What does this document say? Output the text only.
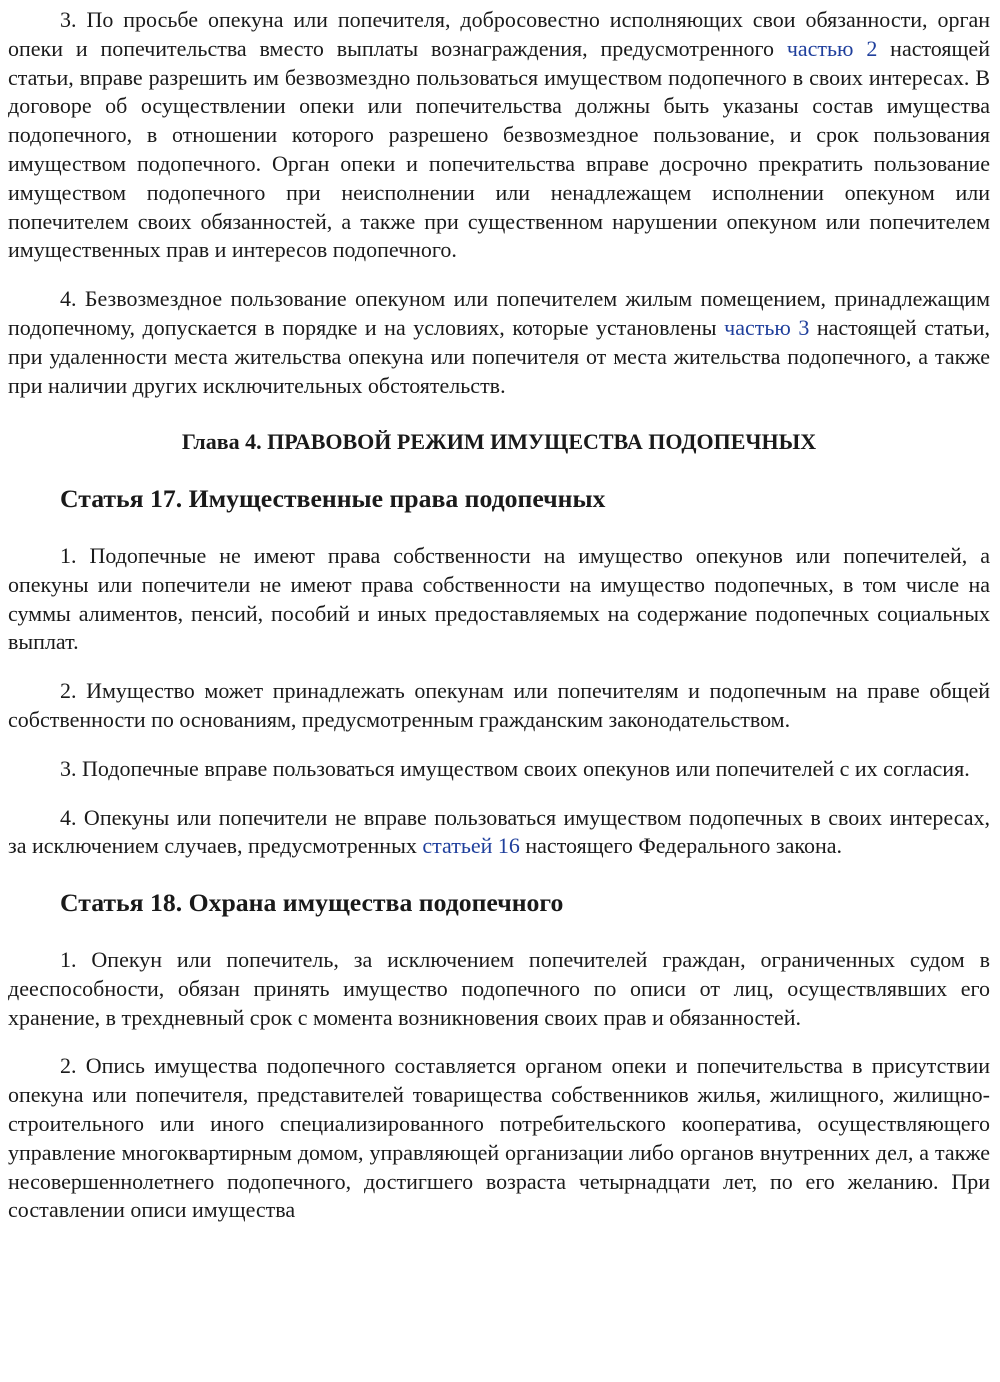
3. По просьбе опекуна или попечителя, добросовестно исполняющих свои обязанности, орган опеки и попечительства вместо выплаты вознаграждения, предусмотренного частью 2 настоящей статьи, вправе разрешить им безвозмездно пользоваться имуществом подопечного в своих интересах. В договоре об осуществлении опеки или попечительства должны быть указаны состав имущества подопечного, в отношении которого разрешено безвозмездное пользование, и срок пользования имуществом подопечного. Орган опеки и попечительства вправе досрочно прекратить пользование имуществом подопечного при неисполнении или ненадлежащем исполнении опекуном или попечителем своих обязанностей, а также при существенном нарушении опекуном или попечителем имущественных прав и интересов подопечного.

4. Безвозмездное пользование опекуном или попечителем жилым помещением, принадлежащим подопечному, допускается в порядке и на условиях, которые установлены частью 3 настоящей статьи, при удаленности места жительства опекуна или попечителя от места жительства подопечного, а также при наличии других исключительных обстоятельств.

Глава 4. ПРАВОВОЙ РЕЖИМ ИМУЩЕСТВА ПОДОПЕЧНЫХ
Статья 17. Имущественные права подопечных

1. Подопечные не имеют права собственности на имущество опекунов или попечителей, а опекуны или попечители не имеют права собственности на имущество подопечных, в том числе на суммы алиментов, пенсий, пособий и иных предоставляемых на содержание подопечных социальных выплат.

2. Имущество может принадлежать опекунам или попечителям и подопечным на праве общей собственности по основаниям, предусмотренным гражданским законодательством.

3. Подопечные вправе пользоваться имуществом своих опекунов или попечителей с их согласия.

4. Опекуны или попечители не вправе пользоваться имуществом подопечных в своих интересах, за исключением случаев, предусмотренных статьей 16 настоящего Федерального закона.

Статья 18. Охрана имущества подопечного

1. Опекун или попечитель, за исключением попечителей граждан, ограниченных судом в дееспособности, обязан принять имущество подопечного по описи от лиц, осуществлявших его хранение, в трехдневный срок с момента возникновения своих прав и обязанностей.

2. Опись имущества подопечного составляется органом опеки и попечительства в присутствии опекуна или попечителя, представителей товарищества собственников жилья, жилищного, жилищно-строительного или иного специализированного потребительского кооператива, осуществляющего управление многоквартирным домом, управляющей организации либо органов внутренних дел, а также несовершеннолетнего подопечного, достигшего возраста четырнадцати лет, по его желанию. При составлении описи имущества
